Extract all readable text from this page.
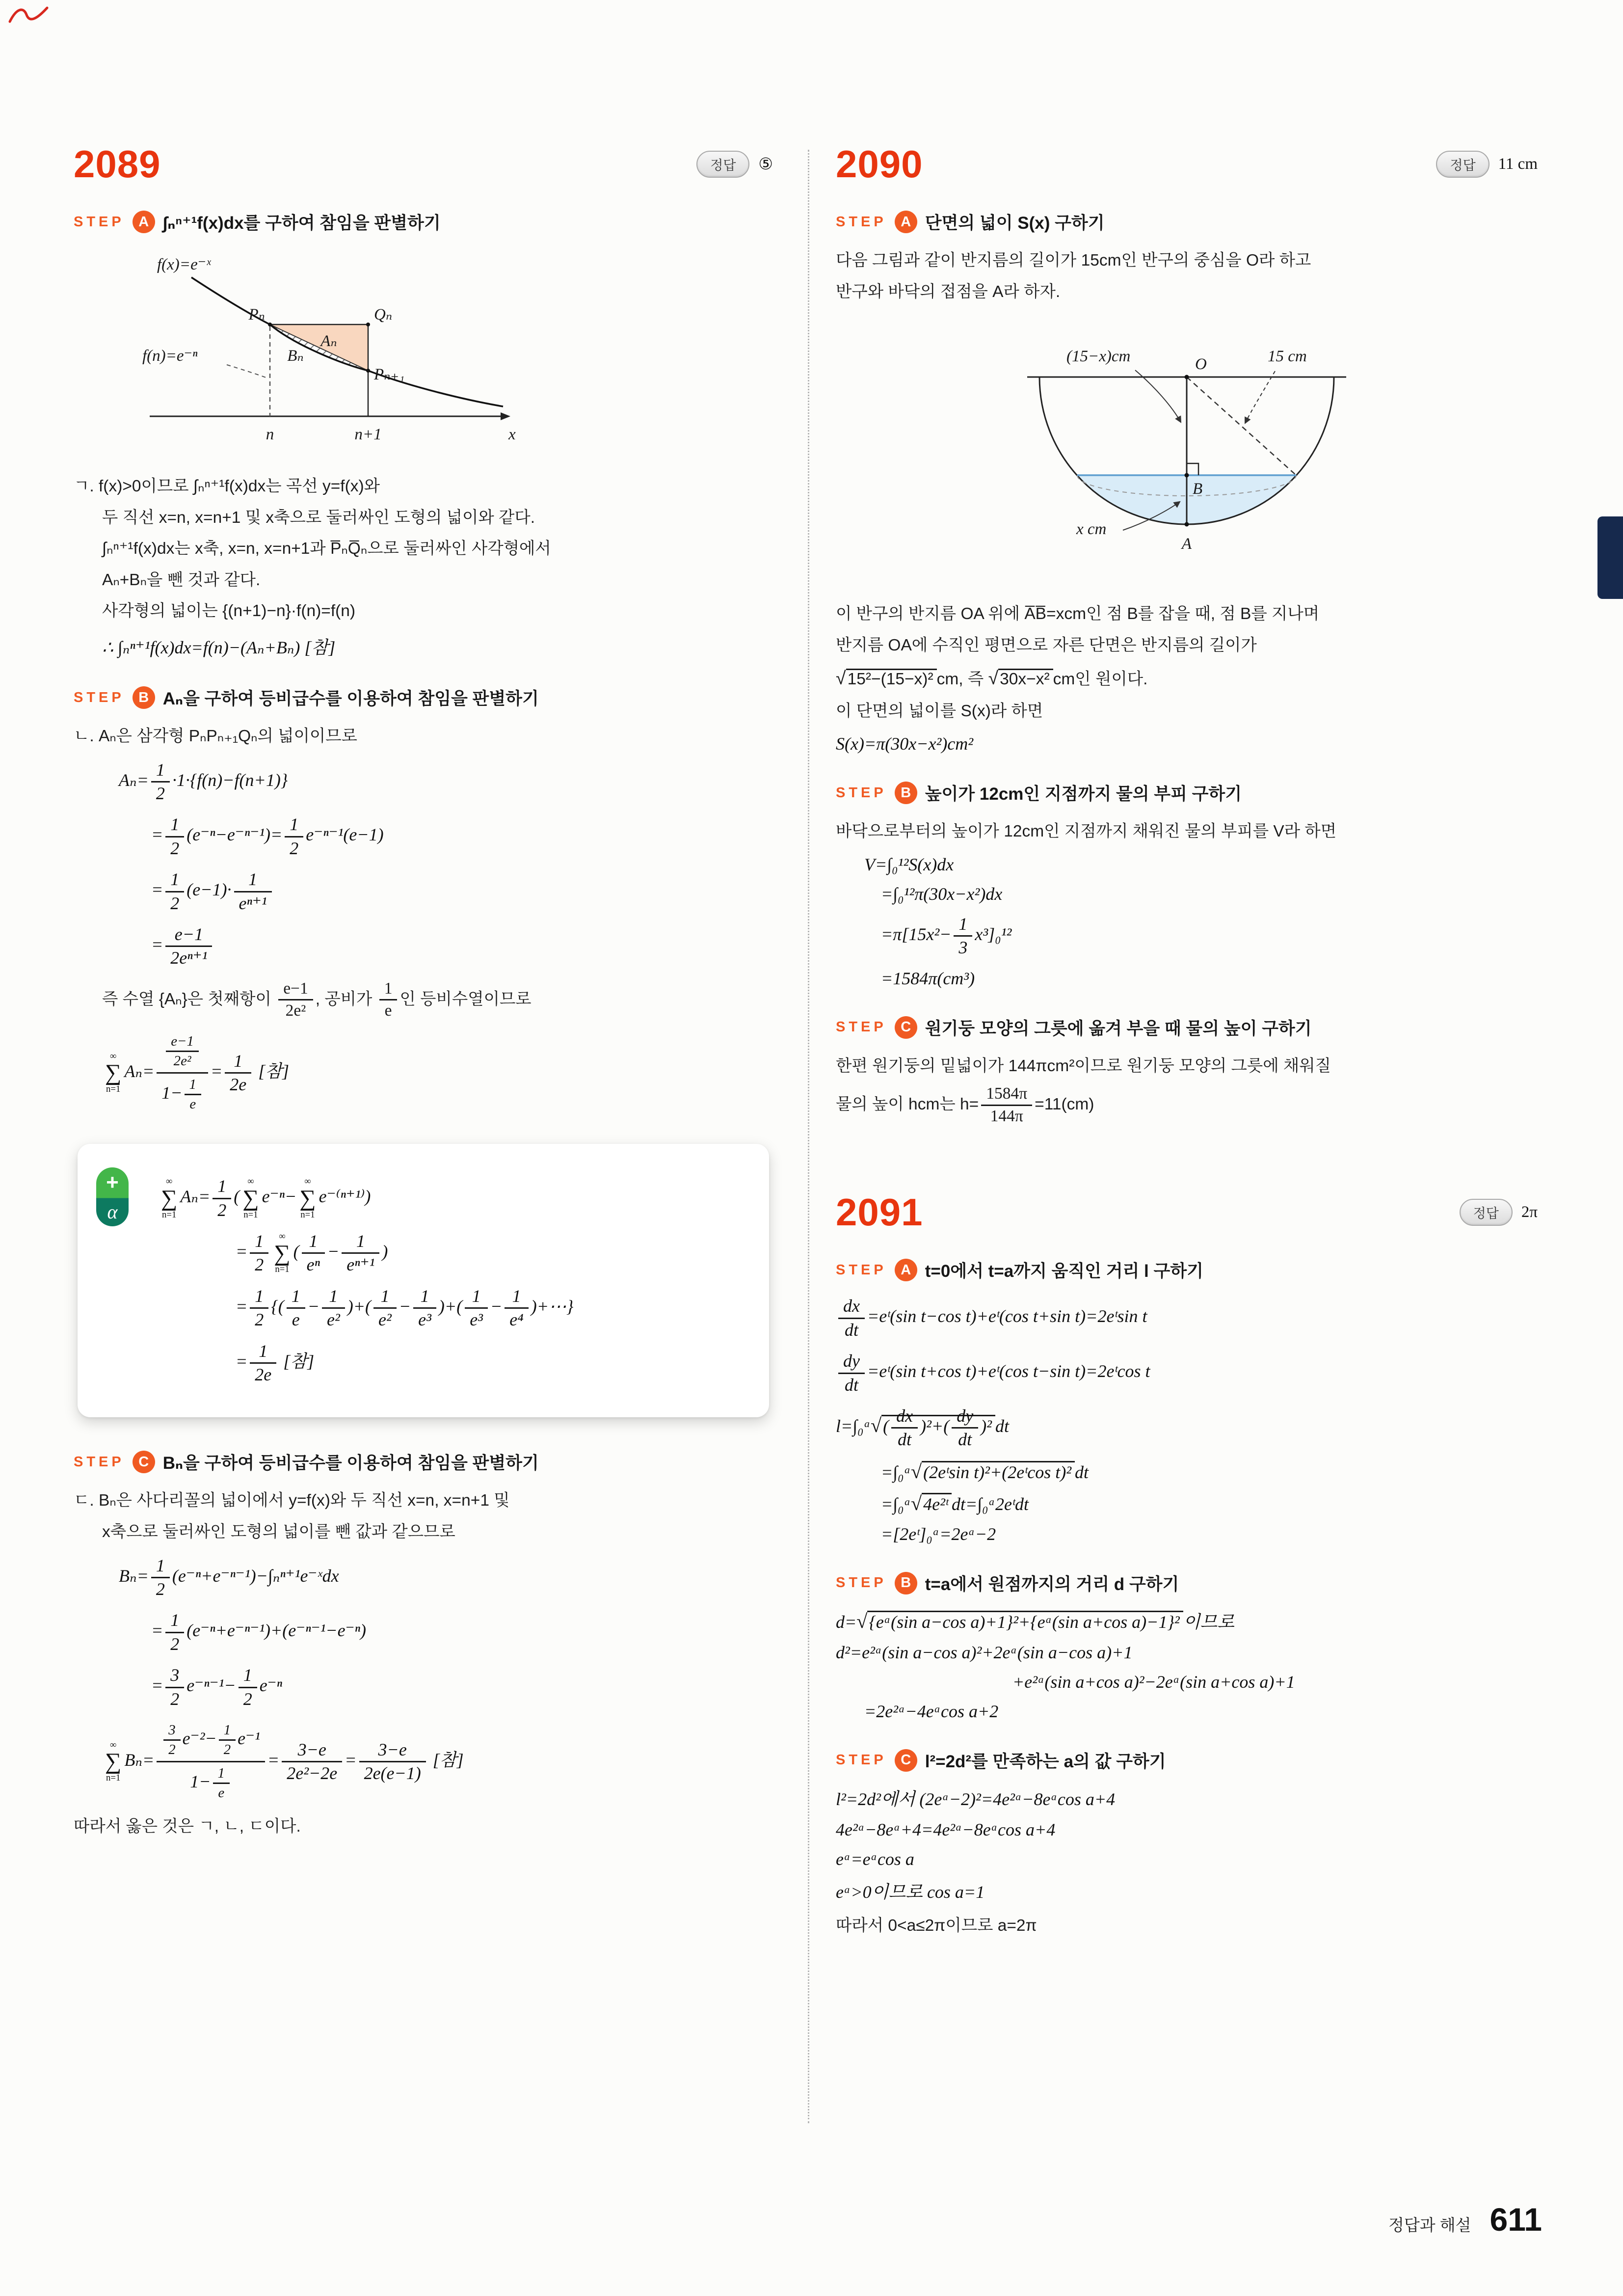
2089	정답	⑤
STEP A ∫ₙⁿ⁺¹f(x)dx를 구하여 참임을 판별하기
f(x)=e⁻ˣ
f(n)=e⁻ⁿ
Pₙ	Qₙ
Pₙ₊₁
Aₙ
Bₙ
n	n+1	x
ㄱ. f(x)>0이므로 ∫ₙⁿ⁺¹f(x)dx는 곡선 y=f(x)와
두 직선 x=n, x=n+1 및 x축으로 둘러싸인 도형의 넓이와 같다.
∫ₙⁿ⁺¹f(x)dx는 x축, x=n, x=n+1과 P̅ₙQ̅ₙ으로 둘러싸인 사각형에서
Aₙ+Bₙ을 뺀 것과 같다.
사각형의 넓이는 {(n+1)−n}·f(n)=f(n)
∴ ∫ₙⁿ⁺¹f(x)dx=f(n)−(Aₙ+Bₙ) [참]
STEP B Aₙ을 구하여 등비급수를 이용하여 참임을 판별하기
ㄴ. Aₙ은 삼각형 PₙPₙ₊₁Qₙ의 넓이이므로
$A_n= \frac{1}{2} \cdot 1\cdot\{f(n)-f(n+1)\}$
= $\frac{1}{2} (e^{-n}-e^{-n-1})= \frac{1}{2} e^{-n-1}(e-1)$
= $\frac{1}{2} (e-1)\cdot \frac{1}{\text{eⁿ⁺¹}}$
= $\frac{e-1}{\text{2eⁿ⁺¹}}$
즉 수열 {Aₙ}은 첫째항이 $\frac{e-1}{\text{2e²}}$ , 공비가 $\frac{1}{e}$ 인 등비수열이므로
∞
∑
n=1
$A_n= \frac{\frac{e-1}{\text{2e²}}}{1- \frac{1}{e}} = \frac{1}{2e}$ [참]
+
α
∞
∑
n=1
$A_n= \frac{1}{2}$ (
∞
∑
n=1
e⁻ⁿ−
∞
∑
n=1
e⁻⁽ⁿ⁺¹⁾)
= $\frac{1}{2}$ ∞
∑
n=1
( $\frac{1}{\text{eⁿ}} - \frac{1}{\text{eⁿ⁺¹}}$ )
= $\frac{1}{2}$ {( $\frac{1}{e} - \frac{1}{\text{e²}}$ )+( $\frac{1}{\text{e²}} - \frac{1}{\text{e³}}$ )+( $\frac{1}{\text{e³}} - \frac{1}{\text{e⁴}}$ )+⋯}
= $\frac{1}{2e}$ [참]
STEP C Bₙ을 구하여 등비급수를 이용하여 참임을 판별하기
ㄷ. Bₙ은 사다리꼴의 넓이에서 y=f(x)와 두 직선 x=n, x=n+1 및
x축으로 둘러싸인 도형의 넓이를 뺀 값과 같으므로
$B_n= \frac{1}{2}$ (e⁻ⁿ+e⁻ⁿ⁻¹)−∫ₙⁿ⁺¹e⁻ˣdx
= $\frac{1}{2} (e^{-n}+e^{-n-1})+(e^{-n-1}-e^{-n})$
= $\frac{3}{2} e^{-n-1}- \frac{1}{2} e^{-n}$
∞
∑
n=1
$B_n= \frac{\frac{3}{2} e^{-2}- \frac{1}{2} e^{-1}}{1- \frac{1}{e}} = \frac{3-e}{\text{2e²−2e}} = \frac{3-e}{2e(e-1)}$ [참]
따라서 옳은 것은 ㄱ, ㄴ, ㄷ이다.
2090	정답	11 cm
STEP A 단면의 넓이 S(x) 구하기
다음 그림과 같이 반지름의 길이가 15cm인 반구의 중심을 O라 하고
반구와 바닥의 접점을 A라 하자.
(15−x)cm	15 cm
O
B
A
x cm
이 반구의 반지름 OA 위에 A̅B̅=xcm인 점 B를 잡을 때, 점 B를 지나며
반지름 OA에 수직인 평면으로 자른 단면은 반지름의 길이가
√15²−(15−x)² cm, 즉 √30x−x² cm인 원이다.
이 단면의 넓이를 S(x)라 하면
S(x)=π(30x−x²)cm²
STEP B 높이가 12cm인 지점까지 물의 부피 구하기
바닥으로부터의 높이가 12cm인 지점까지 채워진 물의 부피를 V라 하면
V=∫₀¹²S(x)dx
=∫₀¹²π(30x−x²)dx
$=\pi[15x^2- \frac{1}{3} x^3]_0^{12}$
=1584π(cm³)
STEP C 원기둥 모양의 그릇에 옮겨 부을 때 물의 높이 구하기
한편 원기둥의 밑넓이가 144πcm²이므로 원기둥 모양의 그릇에 채워질
물의 높이 hcm는 $h= \frac{1584\pi}{144\pi} =11(cm)$
2091	정답	2π
STEP A t=0에서 t=a까지 움직인 거리 l 구하기
$\frac{dx}{dt}$ =eᵗ(sin t−cos t)+eᵗ(cos t+sin t)=2eᵗsin t
$\frac{dy}{dt}$ =eᵗ(sin t+cos t)+eᵗ(cos t−sin t)=2eᵗcos t
l=∫₀ᵃ√( $\frac{dx}{dt} )^2+( \frac{dy}{dt} )^2$ dt
=∫₀ᵃ√(2eᵗsin t)²+(2eᵗcos t)² dt
=∫₀ᵃ√4e²ᵗ dt=∫₀ᵃ2eᵗdt
=[2eᵗ]₀ᵃ=2eᵃ−2
STEP B t=a에서 원점까지의 거리 d 구하기
d=√{eᵃ(sin a−cos a)+1}²+{eᵃ(sin a+cos a)−1}² 이므로
d²=e²ᵃ(sin a−cos a)²+2eᵃ(sin a−cos a)+1
+e²ᵃ(sin a+cos a)²−2eᵃ(sin a+cos a)+1
=2e²ᵃ−4eᵃcos a+2
STEP C l²=2d²를 만족하는 a의 값 구하기
l²=2d²에서 (2eᵃ−2)²=4e²ᵃ−8eᵃcos a+4
4e²ᵃ−8eᵃ+4=4e²ᵃ−8eᵃcos a+4
eᵃ=eᵃcos a
eᵃ>0이므로 cos a=1
따라서 0<a≤2π이므로 a=2π
정답과 해설 611
